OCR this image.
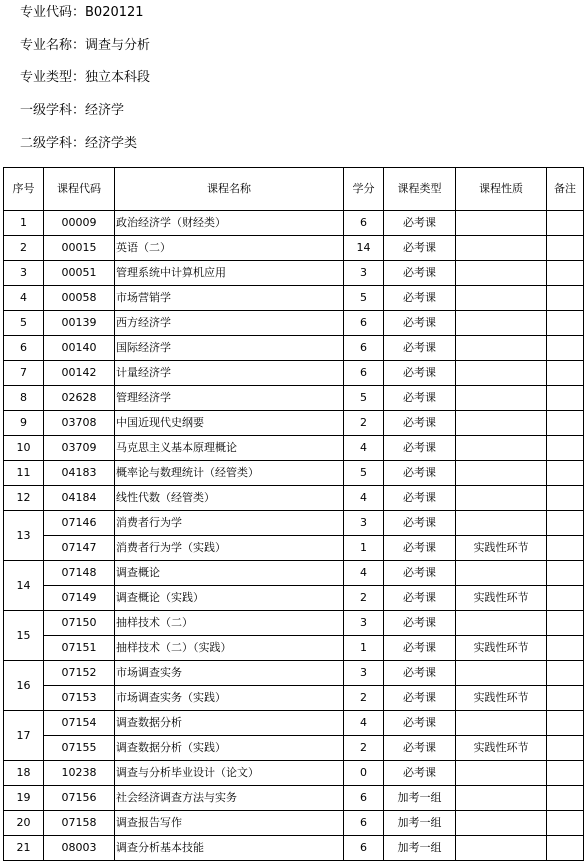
专业代码：B020121
专业名称：调查与分析
专业类型：独立本科段
一级学科：经济学
二级学科：经济学类
序号	课程代码	课程名称	学分	课程类型	课程性质	备注
1	00009	政治经济学（财经类）	6	必考课		
2	00015	英语（二）	14	必考课		
3	00051	管理系统中计算机应用	3	必考课		
4	00058	市场营销学	5	必考课		
5	00139	西方经济学	6	必考课		
6	00140	国际经济学	6	必考课		
7	00142	计量经济学	6	必考课		
8	02628	管理经济学	5	必考课		
9	03708	中国近现代史纲要	2	必考课		
10	03709	马克思主义基本原理概论	4	必考课		
11	04183	概率论与数理统计（经管类）	5	必考课		
12	04184	线性代数（经管类）	4	必考课		
13	07146	消费者行为学	3	必考课		
	07147	消费者行为学（实践）	1	必考课	实践性环节	
14	07148	调查概论	4	必考课		
	07149	调查概论（实践）	2	必考课	实践性环节	
15	07150	抽样技术（二）	3	必考课		
	07151	抽样技术（二）（实践）	1	必考课	实践性环节	
16	07152	市场调查实务	3	必考课		
	07153	市场调查实务（实践）	2	必考课	实践性环节	
17	07154	调查数据分析	4	必考课		
	07155	调查数据分析（实践）	2	必考课	实践性环节	
18	10238	调查与分析毕业设计（论文）	0	必考课		
19	07156	社会经济调查方法与实务	6	加考一组		
20	07158	调查报告写作	6	加考一组		
21	08003	调查分析基本技能	6	加考一组		
